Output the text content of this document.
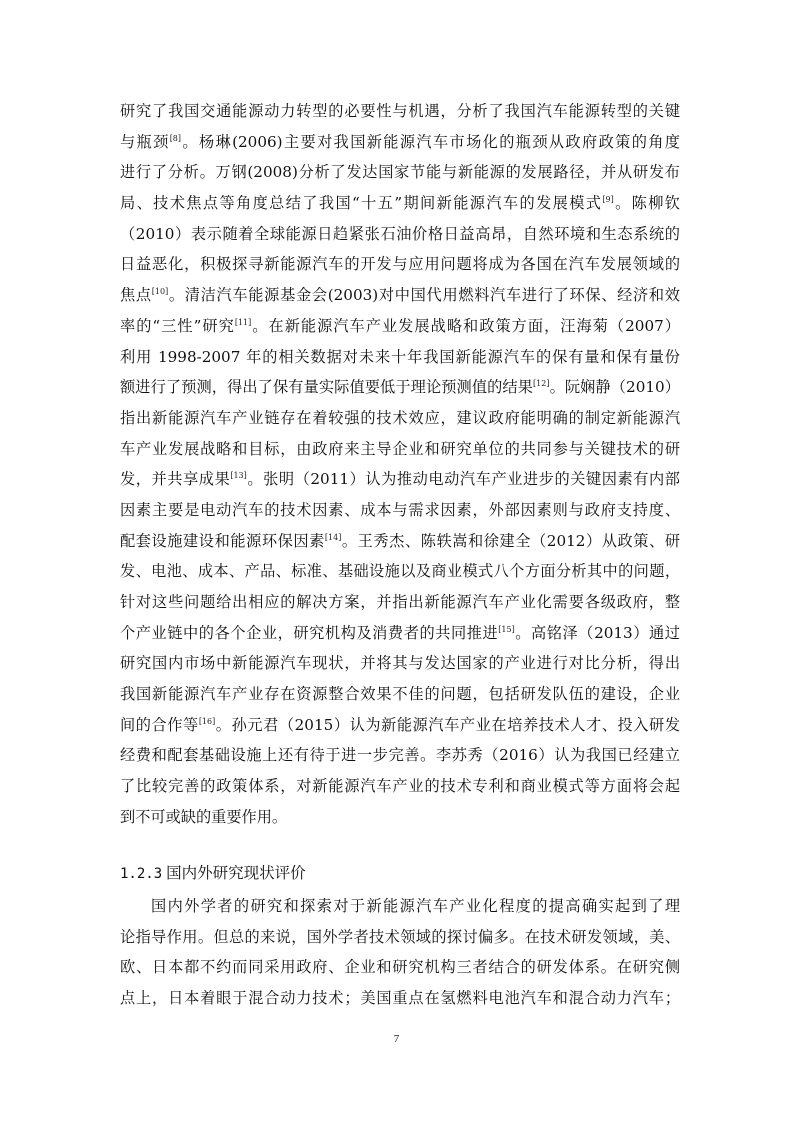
研究了我国交通能源动力转型的必要性与机遇，分析了我国汽车能源转型的关键
与瓶颈[8]。杨琳(2006)主要对我国新能源汽车市场化的瓶颈从政府政策的角度
进行了分析。万钢(2008)分析了发达国家节能与新能源的发展路径，并从研发布
局、技术焦点等角度总结了我国“十五”期间新能源汽车的发展模式[9]。陈柳钦
（2010）表示随着全球能源日趋紧张石油价格日益高昂，自然环境和生态系统的
日益恶化，积极探寻新能源汽车的开发与应用问题将成为各国在汽车发展领域的
焦点[10]。清洁汽车能源基金会(2003)对中国代用燃料汽车进行了环保、经济和效
率的“三性”研究[11]。在新能源汽车产业发展战略和政策方面，汪海菊（2007）
利用 1998-2007 年的相关数据对未来十年我国新能源汽车的保有量和保有量份
额进行了预测，得出了保有量实际值要低于理论预测值的结果[12]。阮娴静（2010）
指出新能源汽车产业链存在着较强的技术效应，建议政府能明确的制定新能源汽
车产业发展战略和目标，由政府来主导企业和研究单位的共同参与关键技术的研
发，并共享成果[13]。张明（2011）认为推动电动汽车产业进步的关键因素有内部
因素主要是电动汽车的技术因素、成本与需求因素，外部因素则与政府支持度、
配套设施建设和能源环保因素[14]。王秀杰、陈轶嵩和徐建全（2012）从政策、研
发、电池、成本、产品、标准、基础设施以及商业模式八个方面分析其中的问题，
针对这些问题给出相应的解决方案，并指出新能源汽车产业化需要各级政府，整
个产业链中的各个企业，研究机构及消费者的共同推进[15]。高铭泽（2013）通过
研究国内市场中新能源汽车现状，并将其与发达国家的产业进行对比分析，得出
我国新能源汽车产业存在资源整合效果不佳的问题，包括研发队伍的建设，企业
间的合作等[16]。孙元君（2015）认为新能源汽车产业在培养技术人才、投入研发
经费和配套基础设施上还有待于进一步完善。李苏秀（2016）认为我国已经建立
了比较完善的政策体系，对新能源汽车产业的技术专利和商业模式等方面将会起
到不可或缺的重要作用。
1.2.3 国内外研究现状评价
国内外学者的研究和探索对于新能源汽车产业化程度的提高确实起到了理
论指导作用。但总的来说，国外学者技术领域的探讨偏多。在技术研发领域，美、
欧、日本都不约而同采用政府、企业和研究机构三者结合的研发体系。在研究侧
点上，日本着眼于混合动力技术；美国重点在氢燃料电池汽车和混合动力汽车；
7
